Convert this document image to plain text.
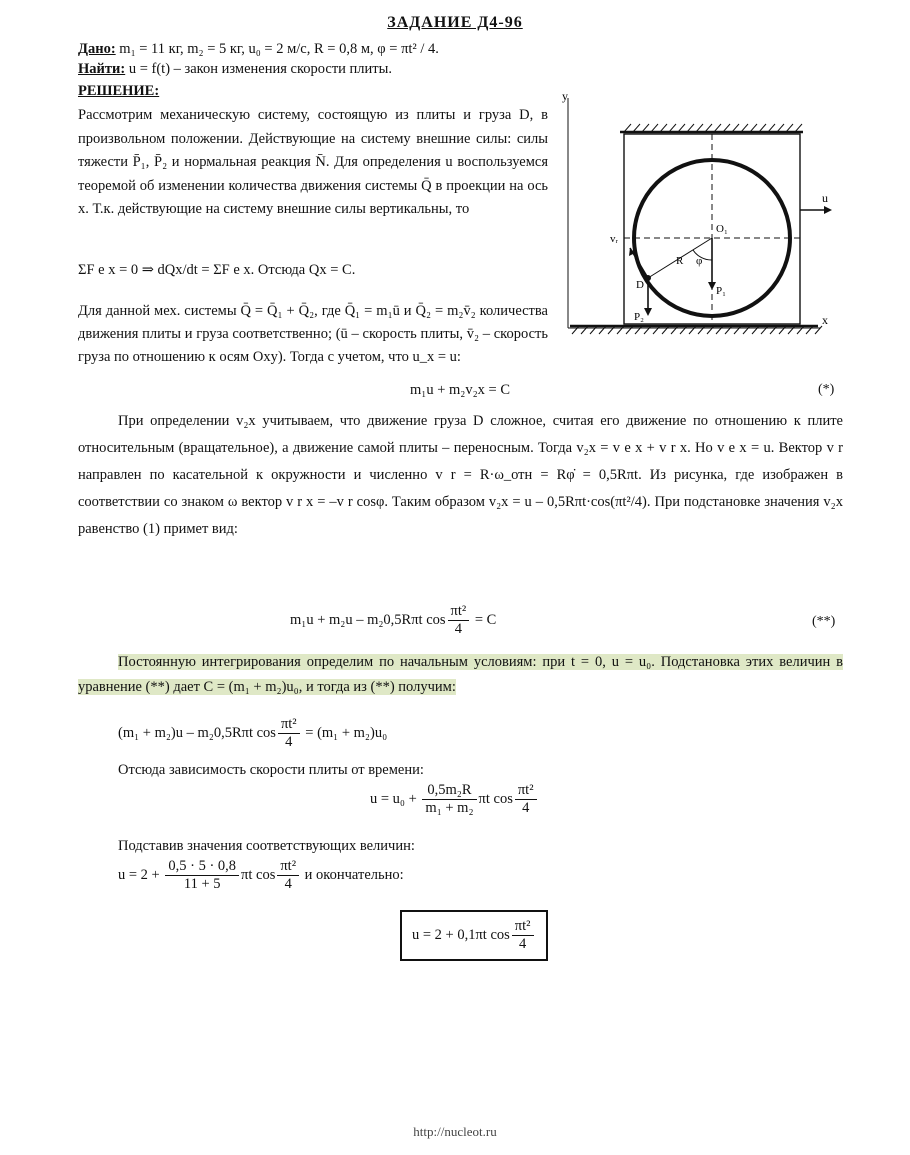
ЗАДАНИЕ Д4-96
Дано: m₁ = 11 кг, m₂ = 5 кг, u₀ = 2 м/с, R = 0,8 м, φ = πt² / 4.
Найти: u = f(t) – закон изменения скорости плиты.
РЕШЕНИЕ:
Рассмотрим механическую систему, состоящую из плиты и груза D, в произвольном положении. Действующие на систему внешние силы: силы тяжести P̄₁, P̄₂ и нормальная реакция N̄. Для определения u воспользуемся теоремой об изменении количества движения системы Q̄ в проекции на ось x. Т.к. действующие на систему внешние силы вертикальны, то
ΣF e x = 0 ⇒ dQx/dt = ΣF e x. Отсюда Qx = C.
Для данной мех. системы Q̄ = Q̄₁ + Q̄₂, где Q̄₁ = m₁ū и Q̄₂ = m₂v̄₂ количества движения плиты и груза соответственно; (ū – скорость плиты, v̄₂ – скорость груза по отношению к осям Oxy). Тогда с учетом, что u_x = u:
m₁u + m₂v₂x = C	(*)
При определении v₂x учитываем, что движение груза D сложное, считая его движение по отношению к плите относительным (вращательное), а движение самой плиты – переносным. Тогда v₂x = v e x + v r x. Но v e x = u. Вектор v r направлен по касательной к окружности и численно v r = R·ω_отн = Rφ̇ = 0,5Rπt. Из рисунка, где изображен в соответствии со знаком ω вектор v r x = –v r cosφ. Таким образом v₂x = u – 0,5Rπt·cos(πt²/4). При подстановке значения v₂x равенство (1) примет вид:
m₁u + m₂u – m₂0,5Rπt $\cos \frac{\text{πt²}}{4} = C$	(**)
Постоянную интегрирования определим по начальным условиям: при t = 0, u = u₀. Подстановка этих величин в уравнение (**) дает C = (m₁ + m₂)u₀, и тогда из (**) получим:
(m₁ + m₂)u – m₂0,5Rπt $\cos \frac{\text{πt²}}{4} = (m_1 + m_2)u_0$
Отсюда зависимость скорости плиты от времени:
$u = u_0 + \frac{\text{0,5m₂R}}{\text{m₁ + m₂}}$ πt $\cos \frac{\text{πt²}}{4}$
Подставив значения соответствующих величин:
$u = 2 + \frac{0,5 \cdot 5 \cdot 0,8}{11 + 5}$ πt $\cos \frac{\text{πt²}}{4}$ и окончательно:
u = 2 + 0,1πt $\cos \frac{\text{πt²}}{4}$
y
x
u
O₁
D
φ
P₁
P₂
vᵣ
R
http://nucleot.ru
